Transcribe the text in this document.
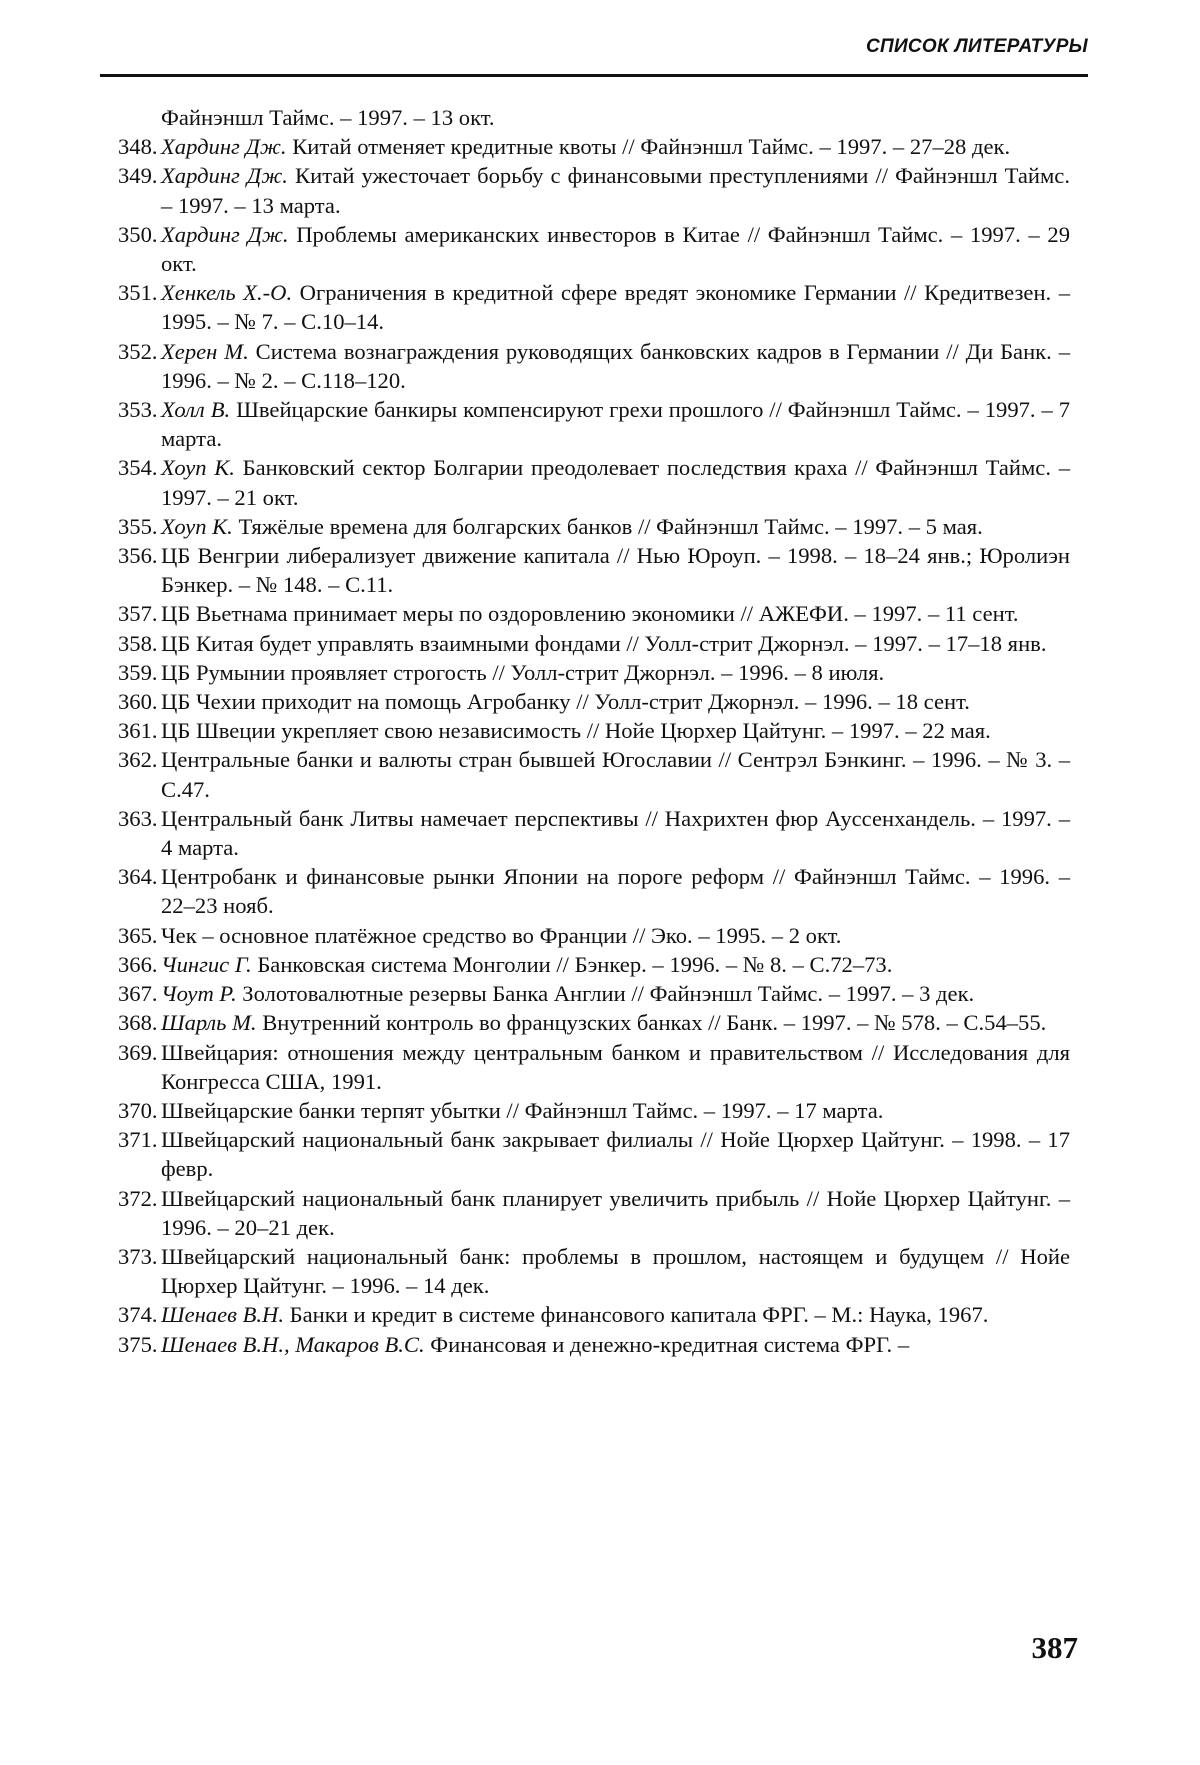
СПИСОК ЛИТЕРАТУРЫ

Файнэншл Таймс. – 1997. – 13 окт.

348. Хардинг Дж. Китай отменяет кредитные квоты // Файнэншл Таймс. – 1997. – 27–28 дек.

349. Хардинг Дж. Китай ужесточает борьбу с финансовыми преступлениями // Файнэншл Таймс. – 1997. – 13 марта.

350. Хардинг Дж. Проблемы американских инвесторов в Китае // Файнэншл Таймс. – 1997. – 29 окт.

351. Хенкель Х.-О. Ограничения в кредитной сфере вредят экономике Германии // Кредитвезен. – 1995. – № 7. – С.10–14.

352. Херен М. Система вознаграждения руководящих банковских кадров в Германии // Ди Банк. – 1996. – № 2. – С.118–120.

353. Холл В. Швейцарские банкиры компенсируют грехи прошлого // Файнэншл Таймс. – 1997. – 7 марта.

354. Хоуп К. Банковский сектор Болгарии преодолевает последствия краха // Файнэншл Таймс. – 1997. – 21 окт.

355. Хоуп К. Тяжёлые времена для болгарских банков // Файнэншл Таймс. – 1997. – 5 мая.

356. ЦБ Венгрии либерализует движение капитала // Нью Юроуп. – 1998. – 18–24 янв.; Юролиэн Бэнкер. – № 148. – С.11.

357. ЦБ Вьетнама принимает меры по оздоровлению экономики // АЖЕФИ. – 1997. – 11 сент.

358. ЦБ Китая будет управлять взаимными фондами // Уолл-стрит Джорнэл. – 1997. – 17–18 янв.

359. ЦБ Румынии проявляет строгость // Уолл-стрит Джорнэл. – 1996. – 8 июля.

360. ЦБ Чехии приходит на помощь Агробанку // Уолл-стрит Джорнэл. – 1996. – 18 сент.

361. ЦБ Швеции укрепляет свою независимость // Нойе Цюрхер Цайтунг. – 1997. – 22 мая.

362. Центральные банки и валюты стран бывшей Югославии // Сентрэл Бэнкинг. – 1996. – № 3. – С.47.

363. Центральный банк Литвы намечает перспективы // Нахрихтен фюр Ауссенхандель. – 1997. – 4 марта.

364. Центробанк и финансовые рынки Японии на пороге реформ // Файнэншл Таймс. – 1996. – 22–23 нояб.

365. Чек – основное платёжное средство во Франции // Эко. – 1995. – 2 окт.

366. Чингис Г. Банковская система Монголии // Бэнкер. – 1996. – № 8. – С.72–73.

367. Чоут Р. Золотовалютные резервы Банка Англии // Файнэншл Таймс. – 1997. – 3 дек.

368. Шарль М. Внутренний контроль во французских банках // Банк. – 1997. – № 578. – С.54–55.

369. Швейцария: отношения между центральным банком и правительством // Исследования для Конгресса США, 1991.

370. Швейцарские банки терпят убытки // Файнэншл Таймс. – 1997. – 17 марта.

371. Швейцарский национальный банк закрывает филиалы // Нойе Цюрхер Цайтунг. – 1998. – 17 февр.

372. Швейцарский национальный банк планирует увеличить прибыль // Нойе Цюрхер Цайтунг. – 1996. – 20–21 дек.

373. Швейцарский национальный банк: проблемы в прошлом, настоящем и будущем // Нойе Цюрхер Цайтунг. – 1996. – 14 дек.

374. Шенаев В.Н. Банки и кредит в системе финансового капитала ФРГ. – М.: Наука, 1967.

375. Шенаев В.Н., Макаров В.С. Финансовая и денежно-кредитная система ФРГ. –

387
